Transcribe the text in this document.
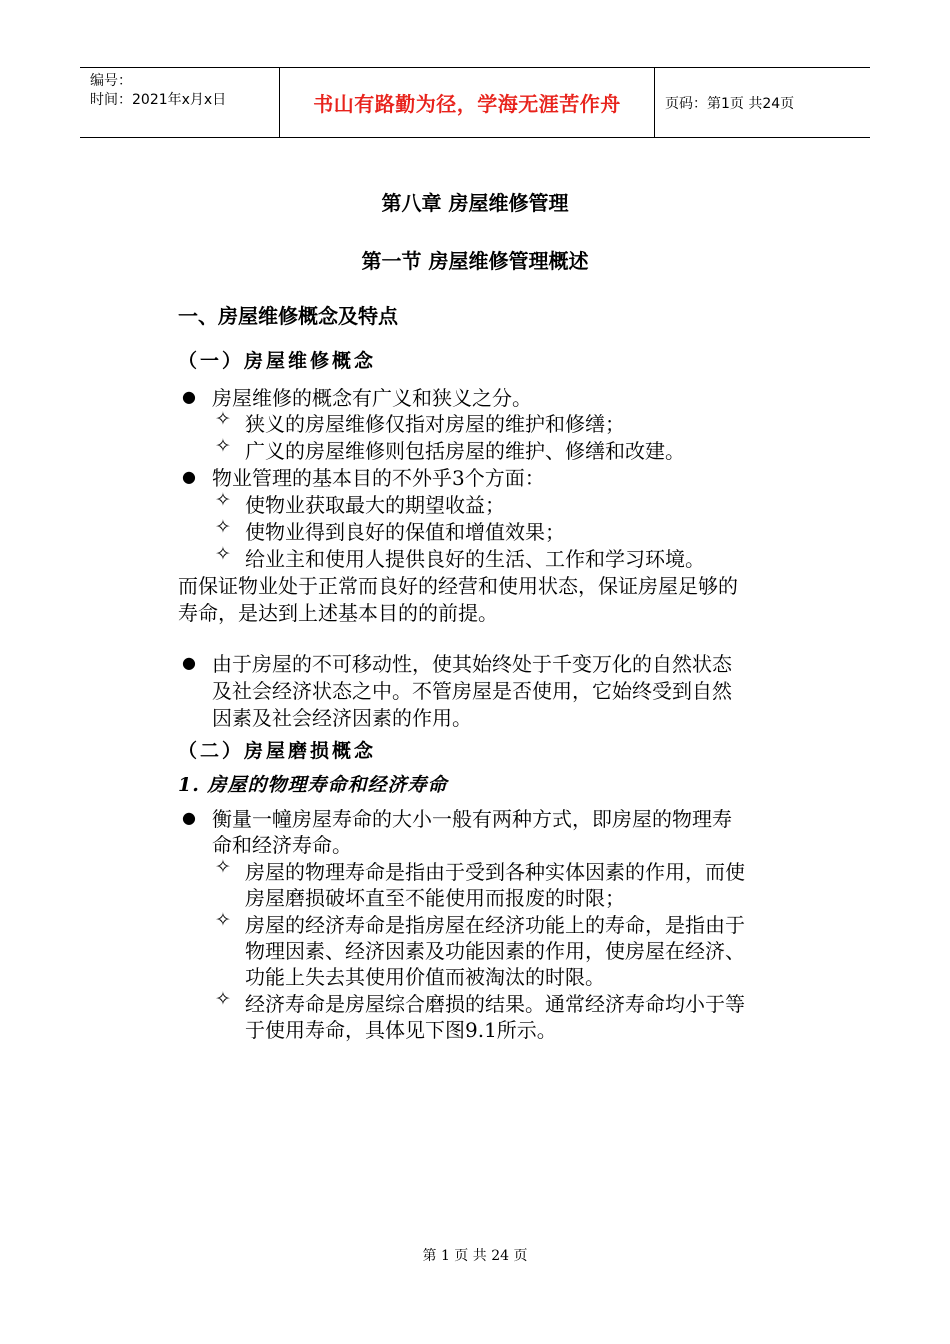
编号：
时间：2021年x月x日	书山有路勤为径，学海无涯苦作舟	页码：第1页 共24页
第八章 房屋维修管理
第一节 房屋维修管理概述
一、房屋维修概念及特点
（一）房屋维修概念
● 房屋维修的概念有广义和狭义之分。
✧ 狭义的房屋维修仅指对房屋的维护和修缮；
✧ 广义的房屋维修则包括房屋的维护、修缮和改建。
● 物业管理的基本目的不外乎3个方面：
✧ 使物业获取最大的期望收益；
✧ 使物业得到良好的保值和增值效果；
✧ 给业主和使用人提供良好的生活、工作和学习环境。
而保证物业处于正常而良好的经营和使用状态，保证房屋足够的
寿命，是达到上述基本目的的前提。
● 由于房屋的不可移动性，使其始终处于千变万化的自然状态
及社会经济状态之中。不管房屋是否使用，它始终受到自然
因素及社会经济因素的作用。
（二）房屋磨损概念
1. 房屋的物理寿命和经济寿命
● 衡量一幢房屋寿命的大小一般有两种方式，即房屋的物理寿
命和经济寿命。
✧ 房屋的物理寿命是指由于受到各种实体因素的作用，而使
房屋磨损破坏直至不能使用而报废的时限；
✧ 房屋的经济寿命是指房屋在经济功能上的寿命，是指由于
物理因素、经济因素及功能因素的作用，使房屋在经济、
功能上失去其使用价值而被淘汰的时限。
✧ 经济寿命是房屋综合磨损的结果。通常经济寿命均小于等
于使用寿命，具体见下图9.1所示。
第 1 页 共 24 页
